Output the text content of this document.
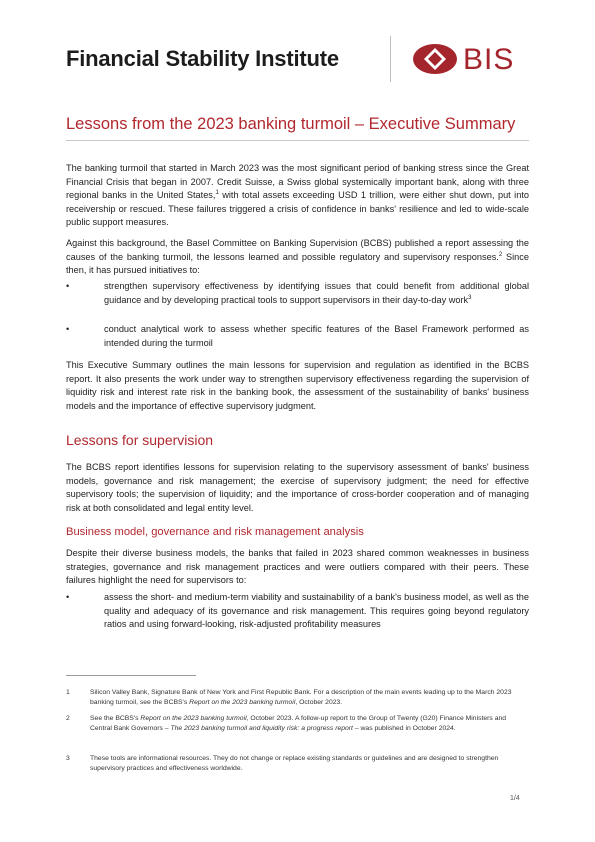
Financial Stability Institute	BIS
Lessons from the 2023 banking turmoil – Executive Summary
The banking turmoil that started in March 2023 was the most significant period of banking stress since the Great Financial Crisis that began in 2007. Credit Suisse, a Swiss global systemically important bank, along with three regional banks in the United States,$^1$ with total assets exceeding USD 1 trillion, were either shut down, put into receivership or rescued. These failures triggered a crisis of confidence in banks' resilience and led to wide-scale public support measures.
Against this background, the Basel Committee on Banking Supervision (BCBS) published a report assessing the causes of the banking turmoil, the lessons learned and possible regulatory and supervisory responses.$^2$ Since then, it has pursued initiatives to:
•	strengthen supervisory effectiveness by identifying issues that could benefit from additional global guidance and by developing practical tools to support supervisors in their day-to-day work$^3$
•	conduct analytical work to assess whether specific features of the Basel Framework performed as intended during the turmoil
This Executive Summary outlines the main lessons for supervision and regulation as identified in the BCBS report. It also presents the work under way to strengthen supervisory effectiveness regarding the supervision of liquidity risk and interest rate risk in the banking book, the assessment of the sustainability of banks' business models and the importance of effective supervisory judgment.
Lessons for supervision
The BCBS report identifies lessons for supervision relating to the supervisory assessment of banks' business models, governance and risk management; the exercise of supervisory judgment; the need for effective supervisory tools; the supervision of liquidity; and the importance of cross-border cooperation and of managing risk at both consolidated and legal entity level.
Business model, governance and risk management analysis
Despite their diverse business models, the banks that failed in 2023 shared common weaknesses in business strategies, governance and risk management practices and were outliers compared with their peers. These failures highlight the need for supervisors to:
•	assess the short- and medium-term viability and sustainability of a bank's business model, as well as the quality and adequacy of its governance and risk management. This requires going beyond regulatory ratios and using forward-looking, risk-adjusted profitability measures
1	Silicon Valley Bank, Signature Bank of New York and First Republic Bank. For a description of the main events leading up to the March 2023 banking turmoil, see the BCBS's Report on the 2023 banking turmoil, October 2023.
2	See the BCBS's Report on the 2023 banking turmoil, October 2023. A follow-up report to the Group of Twenty (G20) Finance Ministers and Central Bank Governors – The 2023 banking turmoil and liquidity risk: a progress report – was published in October 2024.
3	These tools are informational resources. They do not change or replace existing standards or guidelines and are designed to strengthen supervisory practices and effectiveness worldwide.
1/4
